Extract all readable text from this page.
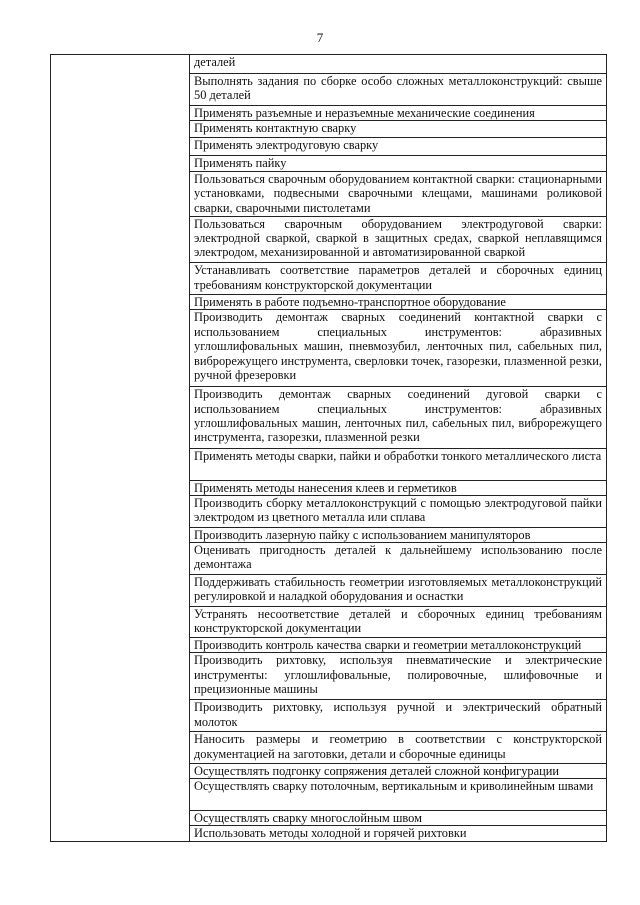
7
деталей
Выполнять задания по сборке особо сложных металлоконструкций: свыше 50 деталей
Применять разъемные и неразъемные механические соединения
Применять контактную сварку
Применять электродуговую сварку
Применять пайку
Пользоваться сварочным оборудованием контактной сварки: стационарными установками, подвесными сварочными клещами, машинами роликовой сварки, сварочными пистолетами
Пользоваться сварочным оборудованием электродуговой сварки: электродной сваркой, сваркой в защитных средах, сваркой неплавящимся электродом, механизированной и автоматизированной сваркой
Устанавливать соответствие параметров деталей и сборочных единиц требованиям конструкторской документации
Применять в работе подъемно-транспортное оборудование
Производить демонтаж сварных соединений контактной сварки с использованием специальных инструментов: абразивных углошлифовальных машин, пневмозубил, ленточных пил, сабельных пил, виброрежущего инструмента, сверловки точек, газорезки, плазменной резки, ручной фрезеровки
Производить демонтаж сварных соединений дуговой сварки с использованием специальных инструментов: абразивных углошлифовальных машин, ленточных пил, сабельных пил, виброрежущего инструмента, газорезки, плазменной резки
Применять методы сварки, пайки и обработки тонкого металлического листа
Применять методы нанесения клеев и герметиков
Производить сборку металлоконструкций с помощью электродуговой пайки электродом из цветного металла или сплава
Производить лазерную пайку с использованием манипуляторов
Оценивать пригодность деталей к дальнейшему использованию после демонтажа
Поддерживать стабильность геометрии изготовляемых металлоконструкций регулировкой и наладкой оборудования и оснастки
Устранять несоответствие деталей и сборочных единиц требованиям конструкторской документации
Производить контроль качества сварки и геометрии металлоконструкций
Производить рихтовку, используя пневматические и электрические инструменты: углошлифовальные, полировочные, шлифовочные и прецизионные машины
Производить рихтовку, используя ручной и электрический обратный молоток
Наносить размеры и геометрию в соответствии с конструкторской документацией на заготовки, детали и сборочные единицы
Осуществлять подгонку сопряжения деталей сложной конфигурации
Осуществлять сварку потолочным, вертикальным и криволинейным швами
Осуществлять сварку многослойным швом
Использовать методы холодной и горячей рихтовки
